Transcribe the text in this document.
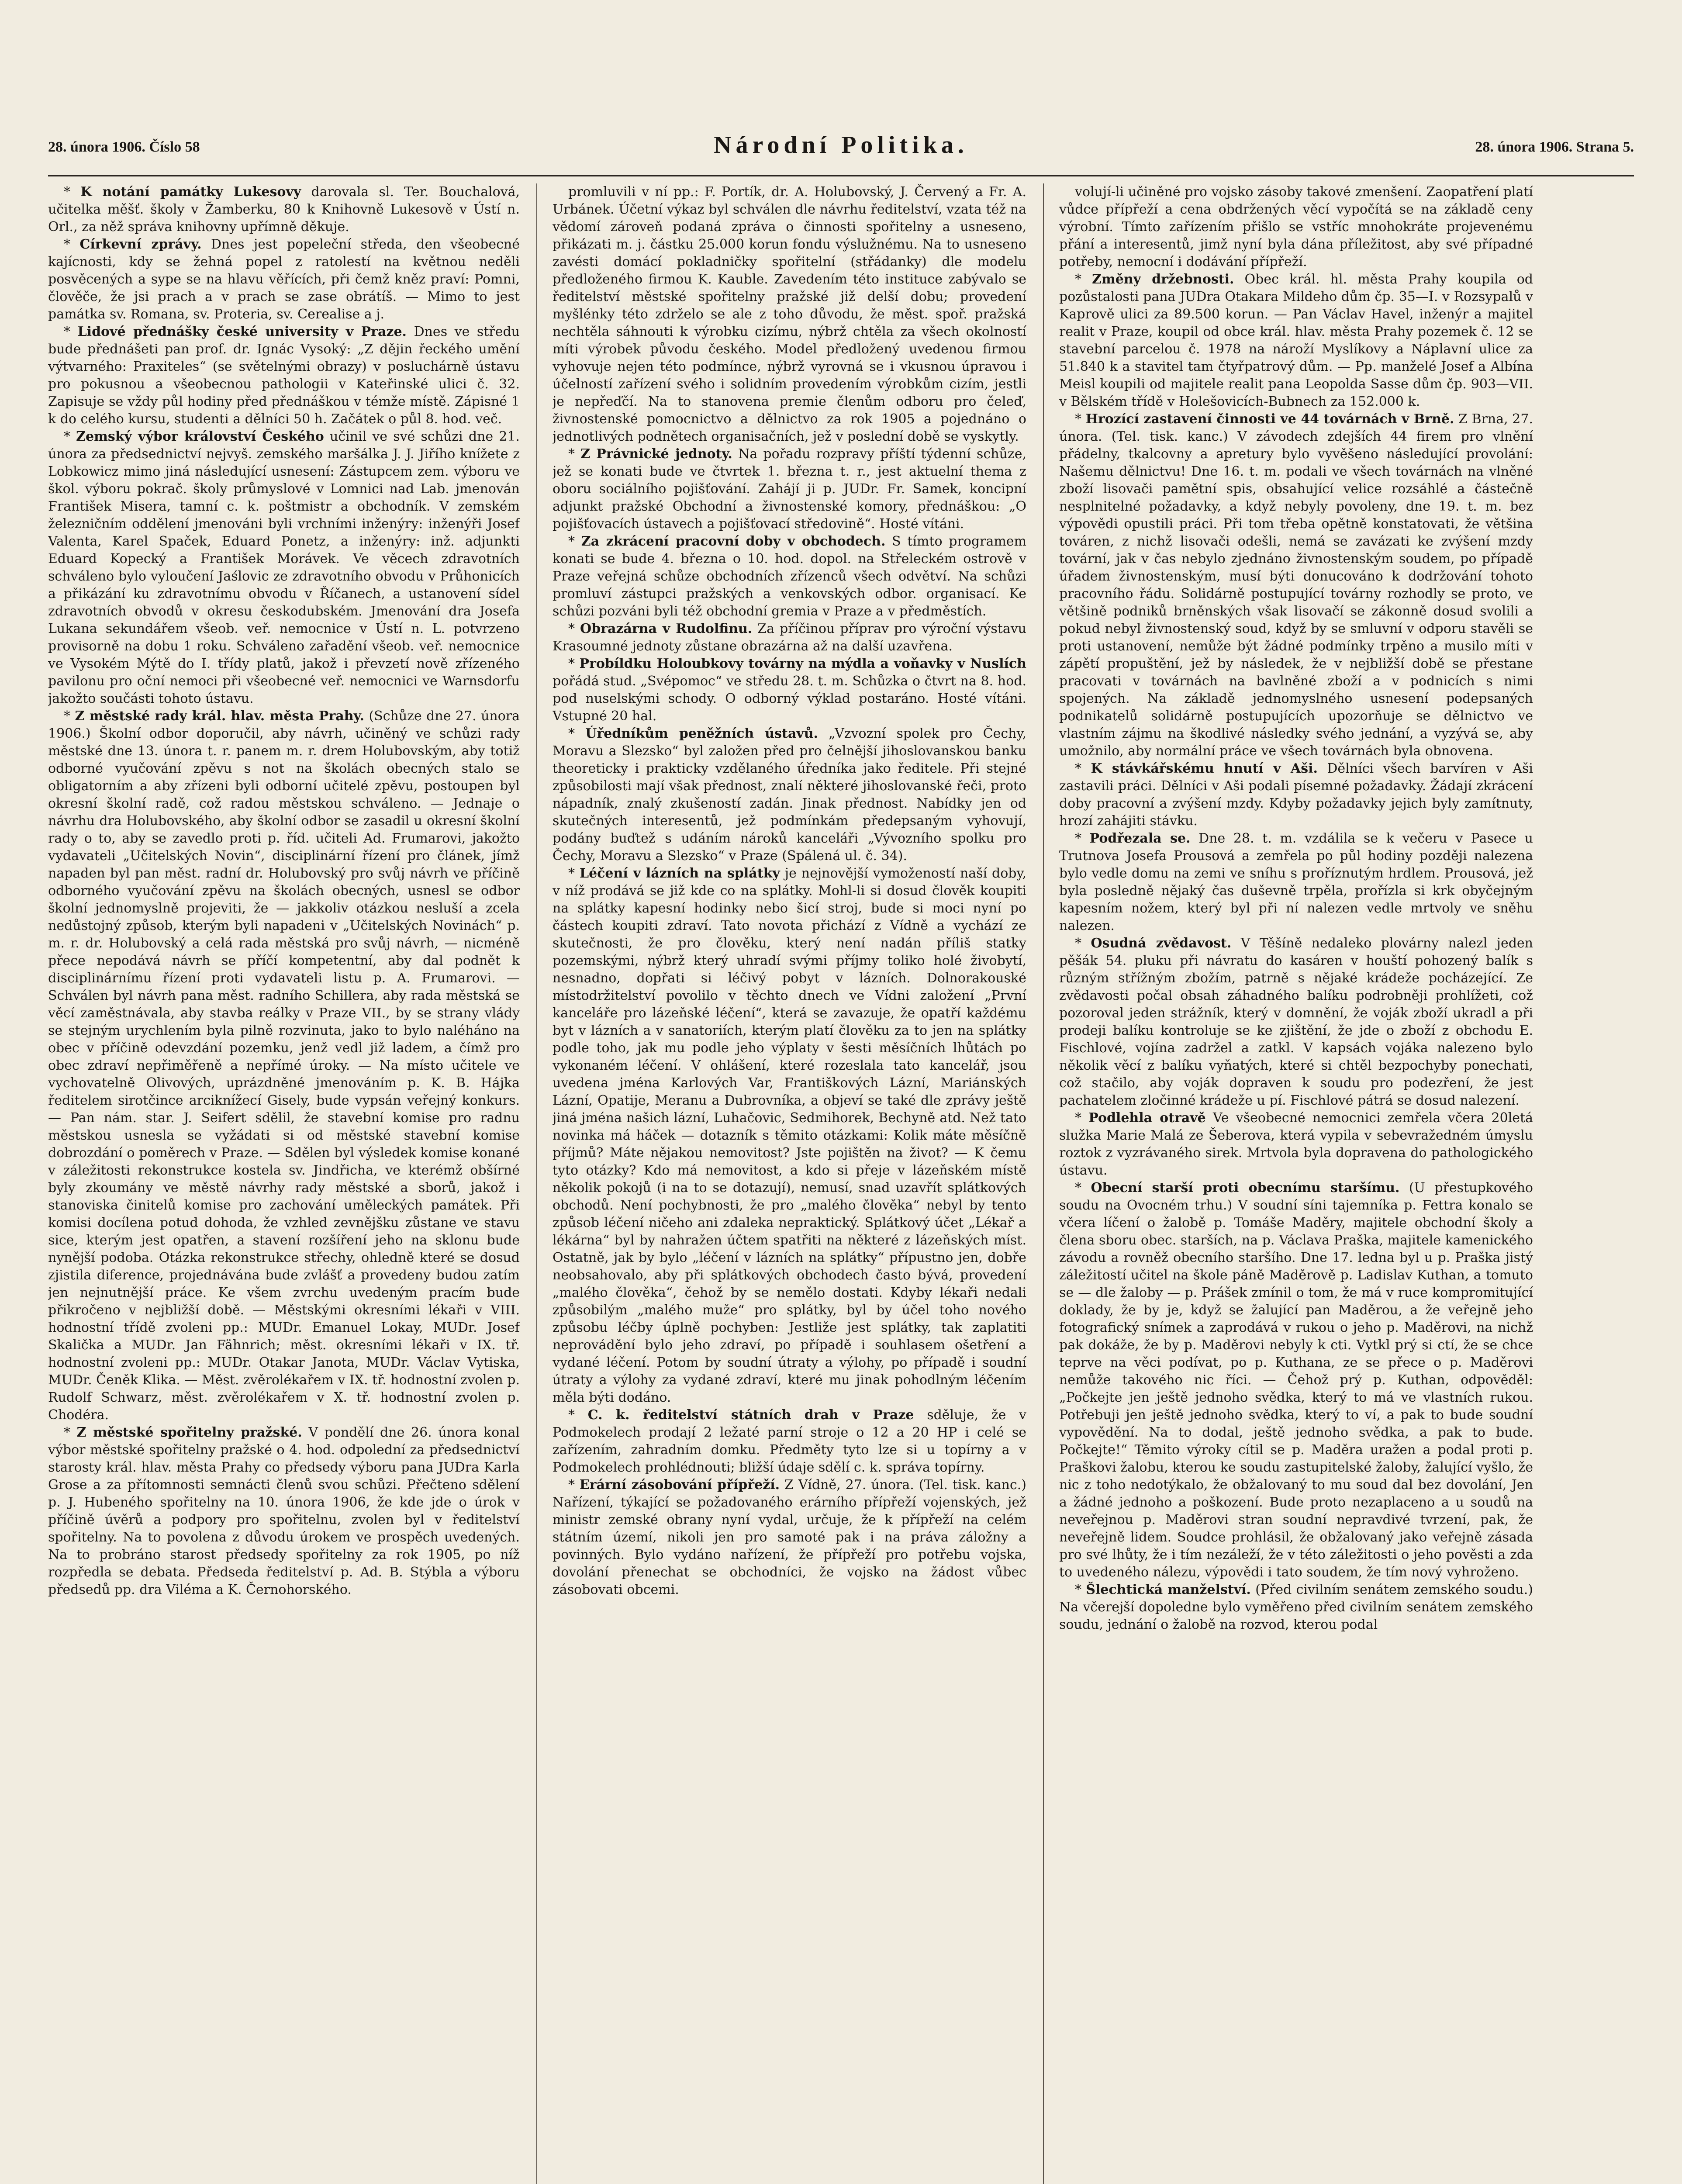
28. února 1906. Číslo 58	Národní Politika.	28. února 1906. Strana 5.

* K notání památky Lukesovy darovala sl. Ter. Bouchalová, učitelka měšť. školy v Žamberku, 80 k Knihovně Lukesově v Ústí n. Orl., za něž správa knihovny upřímně děkuje.

* Církevní zprávy. Dnes jest popeleční středa, den všeobecné kajícnosti, kdy se žehná popel z ratolestí na květnou neděli posvěcených a sype se na hlavu věřících, při čemž kněz praví: Pomni, člověče, že jsi prach a v prach se zase obrátíš. — Mimo to jest památka sv. Romana, sv. Proteria, sv. Cerealise a j.

* Lidové přednášky české university v Praze. Dnes ve středu bude přednášeti pan prof. dr. Ignác Vysoký: „Z dějin řeckého umění výtvarného: Praxiteles“ (se světelnými obrazy) v posluchárně ústavu pro pokusnou a všeobecnou pathologii v Kateřinské ulici č. 32. Zapisuje se vždy půl hodiny před přednáškou v témže místě. Zápisné 1 k do celého kursu, studenti a dělníci 50 h. Začátek o půl 8. hod. več.

* Zemský výbor království Českého učinil ve své schůzi dne 21. února za předsednictví nejvyš. zemského maršálka J. J. Jiřího knížete z Lobkowicz mimo jiná následující usnesení: Zástupcem zem. výboru ve škol. výboru pokrač. školy průmyslové v Lomnici nad Lab. jmenován František Misera, tamní c. k. poštmistr a obchodník. V zemském železničním oddělení jmenováni byli vrchními inženýry: inženýři Josef Valenta, Karel Spaček, Eduard Ponetz, a inženýry: inž. adjunkti Eduard Kopecký a František Morávek. Ve věcech zdravotních schváleno bylo vyloučení Jaślovic ze zdravotního obvodu v Průhonicích a přikázání ku zdravotnímu obvodu v Říčanech, a ustanovení sídel zdravotních obvodů v okresu českodubském. Jmenování dra Josefa Lukana sekundářem všeob. veř. nemocnice v Ústí n. L. potvrzeno provisorně na dobu 1 roku. Schváleno zařadění všeob. veř. nemocnice ve Vysokém Mýtě do I. třídy platů, jakož i převzetí nově zřízeného pavilonu pro oční nemoci při všeobecné veř. nemocnici ve Warnsdorfu jakožto součásti tohoto ústavu.

* Z městské rady král. hlav. města Prahy. (Schůze dne 27. února 1906.) Školní odbor doporučil, aby návrh, učiněný ve schůzi rady městské dne 13. února t. r. panem m. r. drem Holubovským, aby totiž odborné vyučování zpěvu s not na školách obecných stalo se obligatorním a aby zřízeni byli odborní učitelé zpěvu, postoupen byl okresní školní radě, což radou městskou schváleno. — Jednaje o návrhu dra Holubovského, aby školní odbor se zasadil u okresní školní rady o to, aby se zavedlo proti p. říd. učiteli Ad. Frumarovi, jakožto vydavateli „Učitelských Novin“, disciplinární řízení pro článek, jímž napaden byl pan měst. radní dr. Holubovský pro svůj návrh ve příčině odborného vyučování zpěvu na školách obecných, usnesl se odbor školní jednomyslně projeviti, že — jakkoliv otázkou nesluší a zcela nedůstojný způsob, kterým byli napadeni v „Učitelských Novinách“ p. m. r. dr. Holubovský a celá rada městská pro svůj návrh, — nicméně přece nepodává návrh se příčí kompetentní, aby dal podnět k disciplinárnímu řízení proti vydavateli listu p. A. Frumarovi. — Schválen byl návrh pana měst. radního Schillera, aby rada městská se věcí zaměstnávala, aby stavba reálky v Praze VII., by se strany vlády se stejným urychlením byla pilně rozvinuta, jako to bylo naléháno na obec v příčině odevzdání pozemku, jenž vedl již ladem, a čímž pro obec zdraví nepřiměřeně a nepřímé úroky. — Na místo učitele ve vychovatelně Olivových, uprázdněné jmenováním p. K. B. Hájka ředitelem sirotčince arciknížecí Gisely, bude vypsán veřejný konkurs. — Pan nám. star. J. Seifert sdělil, že stavební komise pro radnu městskou usnesla se vyžádati si od městské stavební komise dobrozdání o poměrech v Praze. — Sdělen byl výsledek komise konané v záležitosti rekonstrukce kostela sv. Jindřicha, ve kterémž obšírné byly zkoumány ve městě návrhy rady městské a sborů, jakož i stanoviska činitelů komise pro zachování uměleckých památek. Při komisi docílena potud dohoda, že vzhled zevnějšku zůstane ve stavu sice, kterým jest opatřen, a stavení rozšíření jeho na sklonu bude nynější podoba. Otázka rekonstrukce střechy, ohledně které se dosud zjistila diference, projednávána bude zvlášť a provedeny budou zatím jen nejnutnější práce. Ke všem zvrchu uvedeným pracím bude přikročeno v nejbližší době. — Městskými okresními lékaři v VIII. hodnostní třídě zvoleni pp.: MUDr. Emanuel Lokay, MUDr. Josef Skalička a MUDr. Jan Fähnrich; měst. okresními lékaři v IX. tř. hodnostní zvoleni pp.: MUDr. Otakar Janota, MUDr. Václav Vytiska, MUDr. Čeněk Klika. — Měst. zvěrolékařem v IX. tř. hodnostní zvolen p. Rudolf Schwarz, měst. zvěrolékařem v X. tř. hodnostní zvolen p. Chodéra.

* Z městské spořitelny pražské. V pondělí dne 26. února konal výbor městské spořitelny pražské o 4. hod. odpolední za předsednictví starosty král. hlav. města Prahy co předsedy výboru pana JUDra Karla Grose a za přítomnosti semnácti členů svou schůzi. Přečteno sdělení p. J. Hubeného spořitelny na 10. února 1906, že kde jde o úrok v příčině úvěrů a podpory pro spořitelnu, zvolen byl v ředitelství spořitelny. Na to povolena z důvodu úrokem ve prospěch uvedených. Na to probráno starost předsedy spořitelny za rok 1905, po níž rozpředla se debata. Předseda ředitelství p. Ad. B. Stýbla a výboru předsedů pp. dra Viléma a K. Černohorského.

promluvili v ní pp.: F. Portík, dr. A. Holubovský, J. Červený a Fr. A. Urbánek. Účetní výkaz byl schválen dle návrhu ředitelství, vzata též na vědomí zároveň podaná zpráva o činnosti spořitelny a usneseno, přikázati m. j. částku 25.000 korun fondu výslužnému. Na to usneseno zavésti domácí pokladničky spořitelní (střádanky) dle modelu předloženého firmou K. Kauble. Zavedením této instituce zabývalo se ředitelství městské spořitelny pražské již delší dobu; provedení myšlénky této zdrželo se ale z toho důvodu, že měst. spoř. pražská nechtěla sáhnouti k výrobku cizímu, nýbrž chtěla za všech okolností míti výrobek původu českého. Model předložený uvedenou firmou vyhovuje nejen této podmínce, nýbrž vyrovná se i vkusnou úpravou i účelností zařízení svého i solidním provedením výrobkům cizím, jestli je nepřeďčí. Na to stanovena premie členům odboru pro čeleď, živnostenské pomocnictvo a dělnictvo za rok 1905 a pojednáno o jednotlivých podnětech organisačních, jež v poslední době se vyskytly.

* Z Právnické jednoty. Na pořadu rozpravy příští týdenní schůze, jež se konati bude ve čtvrtek 1. března t. r., jest aktuelní thema z oboru sociálního pojišťování. Zahájí ji p. JUDr. Fr. Samek, koncipní adjunkt pražské Obchodní a živnostenské komory, přednáškou: „O pojišťovacích ústavech a pojišťovací středovině“. Hosté vítáni.

* Za zkrácení pracovní doby v obchodech. S tímto programem konati se bude 4. března o 10. hod. dopol. na Střeleckém ostrově v Praze veřejná schůze obchodních zřízenců všech odvětví. Na schůzi promluví zástupci pražských a venkovských odbor. organisací. Ke schůzi pozváni byli též obchodní gremia v Praze a v předměstích.

* Obrazárna v Rudolfinu. Za příčinou příprav pro výroční výstavu Krasoumné jednoty zůstane obrazárna až na další uzavřena.

* Probíldku Holoubkovy továrny na mýdla a voňavky v Nuslích pořádá stud. „Svépomoc“ ve středu 28. t. m. Schůzka o čtvrt na 8. hod. pod nuselskými schody. O odborný výklad postaráno. Hosté vítáni. Vstupné 20 hal.

* Úředníkům peněžních ústavů. „Vzvozní spolek pro Čechy, Moravu a Slezsko“ byl založen před pro čelnější jihoslovanskou banku theoreticky i prakticky vzdělaného úředníka jako ředitele. Při stejné způsobilosti mají však přednost, znalí některé jihoslovanské řeči, proto nápadník, znalý zkušeností zadán. Jinak přednost. Nabídky jen od skutečných interesentů, jež podmínkám předepsaným vyhovují, podány buďtež s udáním nároků kanceláři „Vývozního spolku pro Čechy, Moravu a Slezsko“ v Praze (Spálená ul. č. 34).

* Léčení v lázních na splátky je nejnovější vymožeností naší doby, v níž prodává se již kde co na splátky. Mohl-li si dosud člověk koupiti na splátky kapesní hodinky nebo šicí stroj, bude si moci nyní po částech koupiti zdraví. Tato novota přichází z Vídně a vychází ze skutečnosti, že pro člověku, který není nadán příliš statky pozemskými, nýbrž který uhradí svými příjmy toliko holé živobytí, nesnadno, dopřati si léčivý pobyt v lázních. Dolnorakouské místodržitelství povolilo v těchto dnech ve Vídni založení „První kanceláře pro lázeňské léčení“, která se zavazuje, že opatří každému byt v lázních a v sanatoriích, kterým platí člověku za to jen na splátky podle toho, jak mu podle jeho výplaty v šesti měsíčních lhůtách po vykonaném léčení. V ohlášení, které rozeslala tato kancelář, jsou uvedena jména Karlových Var, Františkových Lázní, Mariánských Lázní, Opatije, Meranu a Dubrovníka, a objeví se také dle zprávy ještě jiná jména našich lázní, Luhačovic, Sedmihorek, Bechyně atd. Než tato novinka má háček — dotazník s těmito otázkami: Kolik máte měsíčně příjmů? Máte nějakou nemovitost? Jste pojištěn na život? — K čemu tyto otázky? Kdo má nemovitost, a kdo si přeje v lázeňském místě několik pokojů (i na to se dotazují), nemusí, snad uzavřít splátkových obchodů. Není pochybnosti, že pro „malého člověka“ nebyl by tento způsob léčení ničeho ani zdaleka nepraktický. Splátkový účet „Lékař a lékárna“ byl by nahražen účtem spatřiti na některé z lázeňských míst. Ostatně, jak by bylo „léčení v lázních na splátky“ přípustno jen, dobře neobsahovalo, aby při splátkových obchodech často bývá, provedení „malého člověka“, čehož by se nemělo dostati. Kdyby lékaři nedali způsobilým „malého muže“ pro splátky, byl by účel toho nového způsobu léčby úplně pochyben: Jestliže jest splátky, tak zaplatiti neprovádění bylo jeho zdraví, po případě i souhlasem ošetření a vydané léčení. Potom by soudní útraty a výlohy, po případě i soudní útraty a výlohy za vydané zdraví, které mu jinak pohodlným léčením měla býti dodáno.

* C. k. ředitelství státních drah v Praze sděluje, že v Podmokelech prodají 2 ležaté parní stroje o 12 a 20 HP i celé se zařízením, zahradním domku. Předměty tyto lze si u topírny a v Podmokelech prohlédnouti; bližší údaje sdělí c. k. správa topírny.

* Erární zásobování přípřeží. Z Vídně, 27. února. (Tel. tisk. kanc.) Nařízení, týkající se požadovaného erárního přípřeží vojenských, jež ministr zemské obrany nyní vydal, určuje, že k přípřeží na celém státním území, nikoli jen pro samoté pak i na práva záložny a povinných. Bylo vydáno nařízení, že přípřeží pro potřebu vojska, dovolání přenechat se obchodníci, že vojsko na žádost vůbec zásobovati obcemi.

volují-li učiněné pro vojsko zásoby takové zmenšení. Zaopatření platí vůdce přípřeží a cena obdržených věcí vypočítá se na základě ceny výrobní. Tímto zařízením přišlo se vstříc mnohokráte projevenému přání a interesentů, jimž nyní byla dána příležitost, aby své případné potřeby, nemocní i dodávání přípřeží.

* Změny držebnosti. Obec král. hl. města Prahy koupila od pozůstalosti pana JUDra Otakara Mildeho dům čp. 35—I. v Rozsypalů v Kaprově ulici za 89.500 korun. — Pan Václav Havel, inženýr a majitel realit v Praze, koupil od obce král. hlav. města Prahy pozemek č. 12 se stavební parcelou č. 1978 na nároží Myslíkovy a Náplavní ulice za 51.840 k a stavitel tam čtyřpatrový dům. — Pp. manželé Josef a Albína Meisl koupili od majitele realit pana Leopolda Sasse dům čp. 903—VII. v Bělském třídě v Holešovicích-Bubnech za 152.000 k.

* Hrozící zastavení činnosti ve 44 továrnách v Brně. Z Brna, 27. února. (Tel. tisk. kanc.) V závodech zdejších 44 firem pro vlnění přádelny, tkalcovny a apretury bylo vyvěšeno následující provolání: Našemu dělnictvu! Dne 16. t. m. podali ve všech továrnách na vlněné zboží lisovači pamětní spis, obsahující velice rozsáhlé a částečně nesplnitelné požadavky, a když nebyly povoleny, dne 19. t. m. bez výpovědi opustili práci. Při tom třeba opětně konstatovati, že většina továren, z nichž lisovači odešli, nemá se zavázati ke zvýšení mzdy tovární, jak v čas nebylo zjednáno živnostenským soudem, po případě úřadem živnostenským, musí býti donucováno k dodržování tohoto pracovního řádu. Solidárně postupující továrny rozhodly se proto, ve většině podniků brněnských však lisovačí se zákonně dosud svolili a pokud nebyl živnostenský soud, když by se smluvní v odporu stavěli se proti ustanovení, nemůže být žádné podmínky trpěno a musilo míti v zápětí propuštění, jež by následek, že v nejbližší době se přestane pracovati v továrnách na bavlněné zboží a v podnicích s nimi spojených. Na základě jednomyslného usnesení podepsaných podnikatelů solidárně postupujících upozorňuje se dělnictvo ve vlastním zájmu na škodlivé následky svého jednání, a vyzývá se, aby umožnilo, aby normální práce ve všech továrnách byla obnovena.

* K stávkářskému hnutí v Aši. Dělníci všech barvíren v Aši zastavili práci. Dělníci v Aši podali písemné požadavky. Žádají zkrácení doby pracovní a zvýšení mzdy. Kdyby požadavky jejich byly zamítnuty, hrozí zahájiti stávku.

* Podřezala se. Dne 28. t. m. vzdálila se k večeru v Pasece u Trutnova Josefa Prousová a zemřela po půl hodiny později nalezena bylo vedle domu na zemi ve sníhu s proříznutým hrdlem. Prousová, jež byla posledně nějaký čas duševně trpěla, prořízla si krk obyčejným kapesním nožem, který byl při ní nalezen vedle mrtvoly ve sněhu nalezen.

* Osudná zvědavost. V Těšíně nedaleko plovárny nalezl jeden pěšák 54. pluku při návratu do kasáren v houští pohozený balík s různým střížným zbožím, patrně s nějaké krádeže pocházející. Ze zvědavosti počal obsah záhadného balíku podrobněji prohlížeti, což pozoroval jeden strážník, který v domnění, že voják zboží ukradl a při prodeji balíku kontroluje se ke zjištění, že jde o zboží z obchodu E. Fischlové, vojína zadržel a zatkl. V kapsách vojáka nalezeno bylo několik věcí z balíku vyňatých, které si chtěl bezpochyby ponechati, což stačilo, aby voják dopraven k soudu pro podezření, že jest pachatelem zločinné krádeže u pí. Fischlové pátrá se dosud nalezení.

* Podlehla otravě Ve všeobecné nemocnici zemřela včera 20letá služka Marie Malá ze Šeberova, která vypila v sebevražedném úmyslu roztok z vyzrávaného sirek. Mrtvola byla dopravena do pathologického ústavu.

* Obecní starší proti obecnímu staršímu. (U přestupkového soudu na Ovocném trhu.) V soudní síni tajemníka p. Fettra konalo se včera líčení o žalobě p. Tomáše Maděry, majitele obchodní školy a člena sboru obec. starších, na p. Václava Praška, majitele kamenického závodu a rovněž obecního staršího. Dne 17. ledna byl u p. Praška jistý záležitostí učitel na škole páně Maděrově p. Ladislav Kuthan, a tomuto se — dle žaloby — p. Prášek zmínil o tom, že má v ruce kompromitující doklady, že by je, když se žalující pan Maděrou, a že veřejně jeho fotografický snímek a zaprodává v rukou o jeho p. Maděrovi, na nichž pak dokáže, že by p. Maděrovi nebyly k cti. Vytkl prý si ctí, že se chce teprve na věci podívat, po p. Kuthana, ze se přece o p. Maděrovi nemůže takového nic říci. — Čehož prý p. Kuthan, odpověděl: „Počkejte jen ještě jednoho svědka, který to má ve vlastních rukou. Potřebuji jen ještě jednoho svědka, který to ví, a pak to bude soudní vypovědění. Na to dodal, ještě jednoho svědka, a pak to bude. Počkejte!“ Těmito výroky cítil se p. Maděra uražen a podal proti p. Praškovi žalobu, kterou ke soudu zastupitelské žaloby, žalující vyšlo, že nic z toho nedotýkalo, že obžalovaný to mu soud dal bez dovolání, Jen a žádné jednoho a poškození. Bude proto nezaplaceno a u soudů na neveřejnou p. Maděrovi stran soudní nepravdivé tvrzení, pak, že neveřejně lidem. Soudce prohlásil, že obžalovaný jako veřejně zásada pro své lhůty, že i tím nezáleží, že v této záležitosti o jeho pověsti a zda to uvedeného nálezu, výpovědi i tato soudem, že tím nový vyhroženo.

* Šlechtická manželství. (Před civilním senátem zemského soudu.) Na včerejší dopoledne bylo vyměřeno před civilním senátem zemského soudu, jednání o žalobě na rozvod, kterou podal
